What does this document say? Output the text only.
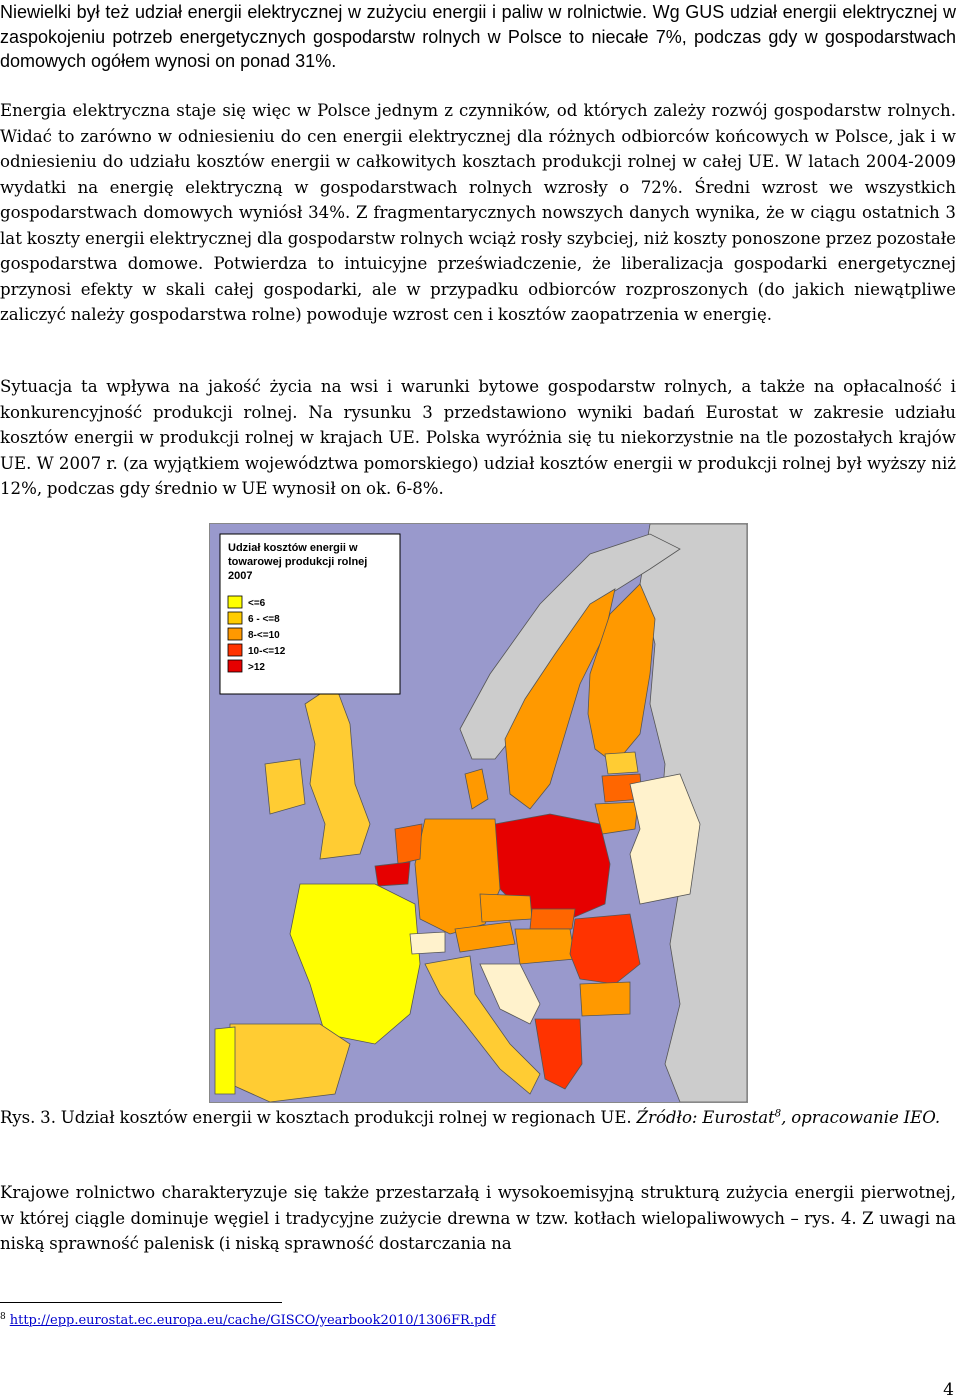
Niewielki był też udział energii elektrycznej w zużyciu energii i paliw w rolnictwie. Wg GUS udział energii elektrycznej w zaspokojeniu potrzeb energetycznych gospodarstw rolnych w Polsce to niecałe 7%, podczas gdy w gospodarstwach domowych ogółem wynosi on ponad 31%.

Energia elektryczna staje się więc w Polsce jednym z czynników, od których zależy rozwój gospodarstw rolnych. Widać to zarówno w odniesieniu do cen energii elektrycznej dla różnych odbiorców końcowych w Polsce, jak i w odniesieniu do udziału kosztów energii w całkowitych kosztach produkcji rolnej w całej UE. W latach 2004-2009 wydatki na energię elektryczną w gospodarstwach rolnych wzrosły o 72%. Średni wzrost we wszystkich gospodarstwach domowych wyniósł 34%. Z fragmentarycznych nowszych danych wynika, że w ciągu ostatnich 3 lat koszty energii elektrycznej dla gospodarstw rolnych wciąż rosły szybciej, niż koszty ponoszone przez pozostałe gospodarstwa domowe. Potwierdza to intuicyjne przeświadczenie, że liberalizacja gospodarki energetycznej przynosi efekty w skali całej gospodarki, ale w przypadku odbiorców rozproszonych (do jakich niewątpliwe zaliczyć należy gospodarstwa rolne) powoduje wzrost cen i kosztów zaopatrzenia w energię.

Sytuacja ta wpływa na jakość życia na wsi i warunki bytowe gospodarstw rolnych, a także na opłacalność i konkurencyjność produkcji rolnej. Na rysunku 3 przedstawiono wyniki badań Eurostat w zakresie udziału kosztów energii w produkcji rolnej w krajach UE. Polska wyróżnia się tu niekorzystnie na tle pozostałych krajów UE. W 2007 r. (za wyjątkiem województwa pomorskiego) udział kosztów energii w produkcji rolnej był wyższy niż 12%, podczas gdy średnio w UE wynosił on ok. 6-8%.

Udział kosztów energii w
towarowej produkcji rolnej
2007
<=6
6 - <=8
8-<=10
10-<=12
>12
Rys. 3. Udział kosztów energii w kosztach produkcji rolnej w regionach UE. Źródło: Eurostat$^8$, opracowanie IEO.

Krajowe rolnictwo charakteryzuje się także przestarzałą i wysokoemisyjną strukturą zużycia energii pierwotnej, w której ciągle dominuje węgiel i tradycyjne zużycie drewna w tzw. kotłach wielopaliwowych – rys. 4. Z uwagi na niską sprawność palenisk (i niską sprawność dostarczania na

$^8$ http://epp.eurostat.ec.europa.eu/cache/GISCO/yearbook2010/1306FR.pdf
4
